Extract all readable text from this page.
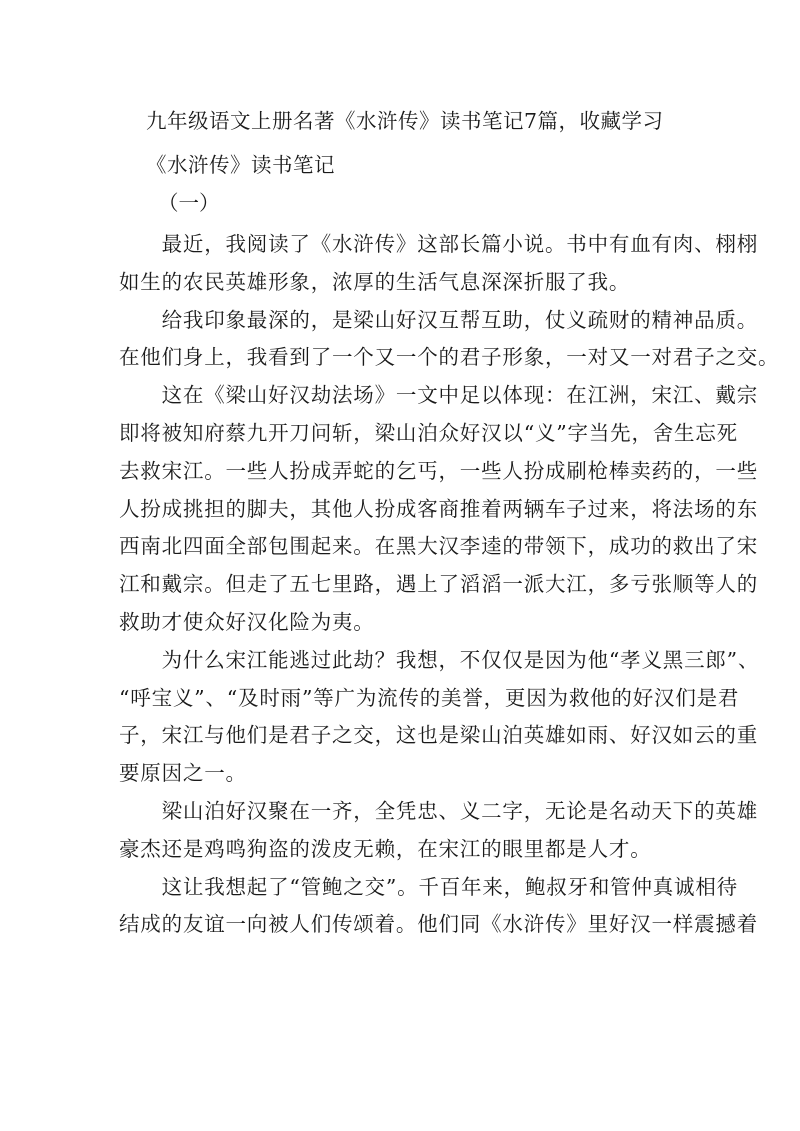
九年级语文上册名著《水浒传》读书笔记7篇，收藏学习
《水浒传》读书笔记
（一）
　　最近，我阅读了《水浒传》这部长篇小说。书中有血有肉、栩栩
如生的农民英雄形象，浓厚的生活气息深深折服了我。
　　给我印象最深的，是梁山好汉互帮互助，仗义疏财的精神品质。
在他们身上，我看到了一个又一个的君子形象，一对又一对君子之交。
　　这在《梁山好汉劫法场》一文中足以体现：在江洲，宋江、戴宗
即将被知府蔡九开刀问斩，梁山泊众好汉以“义”字当先，舍生忘死
去救宋江。一些人扮成弄蛇的乞丐，一些人扮成刷枪棒卖药的，一些
人扮成挑担的脚夫，其他人扮成客商推着两辆车子过来，将法场的东
西南北四面全部包围起来。在黑大汉李逵的带领下，成功的救出了宋
江和戴宗。但走了五七里路，遇上了滔滔一派大江，多亏张顺等人的
救助才使众好汉化险为夷。
　　为什么宋江能逃过此劫？我想，不仅仅是因为他“孝义黑三郎”、
“呼宝义”、“及时雨”等广为流传的美誉，更因为救他的好汉们是君
子，宋江与他们是君子之交，这也是梁山泊英雄如雨、好汉如云的重
要原因之一。
　　梁山泊好汉聚在一齐，全凭忠、义二字，无论是名动天下的英雄
豪杰还是鸡鸣狗盗的泼皮无赖，在宋江的眼里都是人才。
　　这让我想起了“管鲍之交”。千百年来，鲍叔牙和管仲真诚相待
结成的友谊一向被人们传颂着。他们同《水浒传》里好汉一样震撼着
